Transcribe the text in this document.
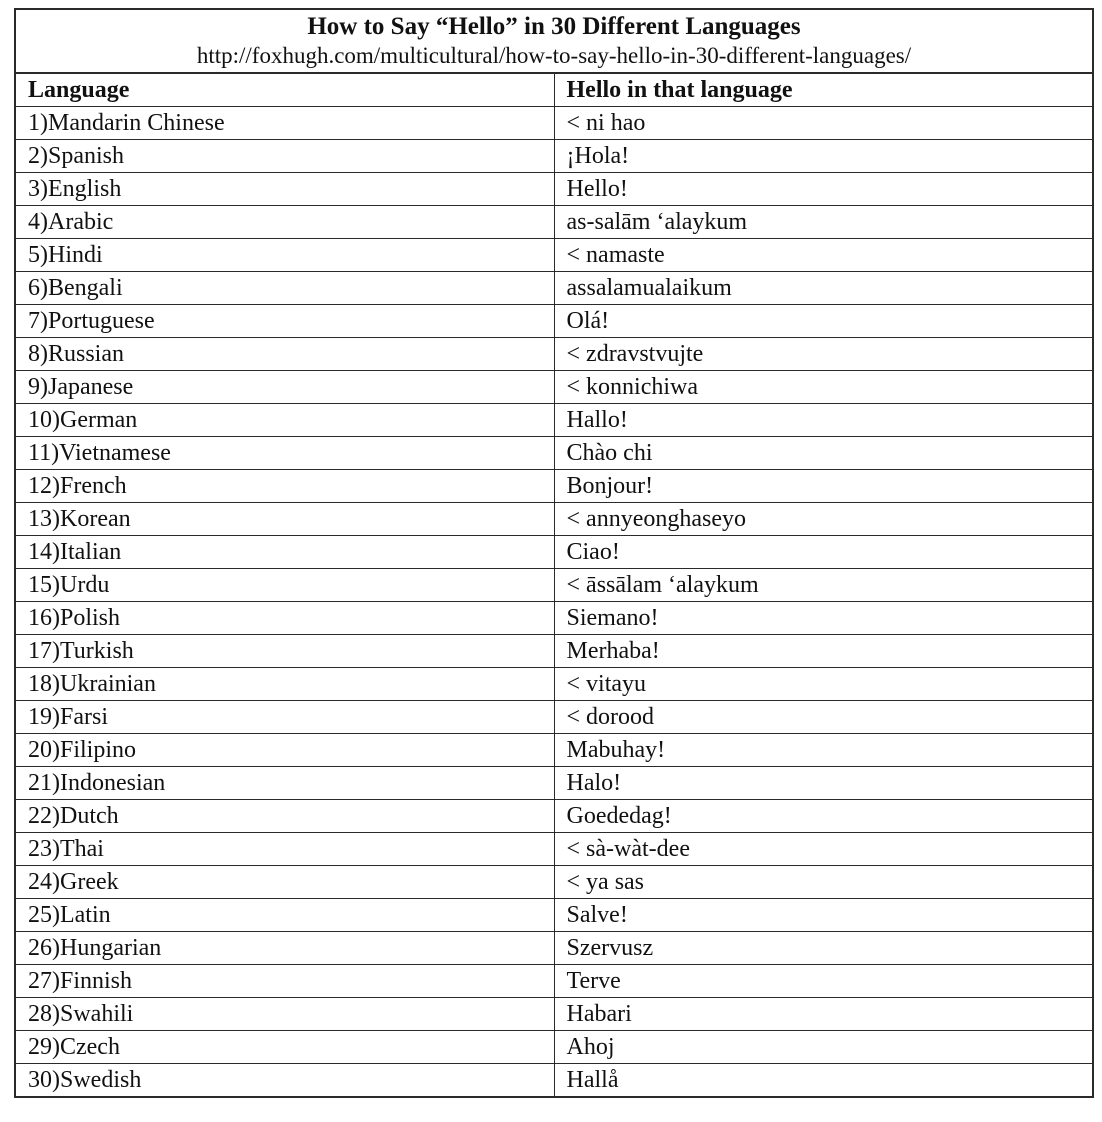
How to Say “Hello” in 30 Different Languages
http://foxhugh.com/multicultural/how-to-say-hello-in-30-different-languages/
Language	Hello in that language
1)Mandarin Chinese	< ni hao
2)Spanish	¡Hola!
3)English	Hello!
4)Arabic	as-salām ‘alaykum
5)Hindi	< namaste
6)Bengali	assalamualaikum
7)Portuguese	Olá!
8)Russian	< zdravstvujte
9)Japanese	< konnichiwa
10)German	Hallo!
11)Vietnamese	Chào chi
12)French	Bonjour!
13)Korean	< annyeonghaseyo
14)Italian	Ciao!
15)Urdu	< āssālam ‘alaykum
16)Polish	Siemano!
17)Turkish	Merhaba!
18)Ukrainian	< vitayu
19)Farsi	< dorood
20)Filipino	Mabuhay!
21)Indonesian	Halo!
22)Dutch	Goededag!
23)Thai	< sà-wàt-dee
24)Greek	< ya sas
25)Latin	Salve!
26)Hungarian	Szervusz
27)Finnish	Terve
28)Swahili	Habari
29)Czech	Ahoj
30)Swedish	Hallå
